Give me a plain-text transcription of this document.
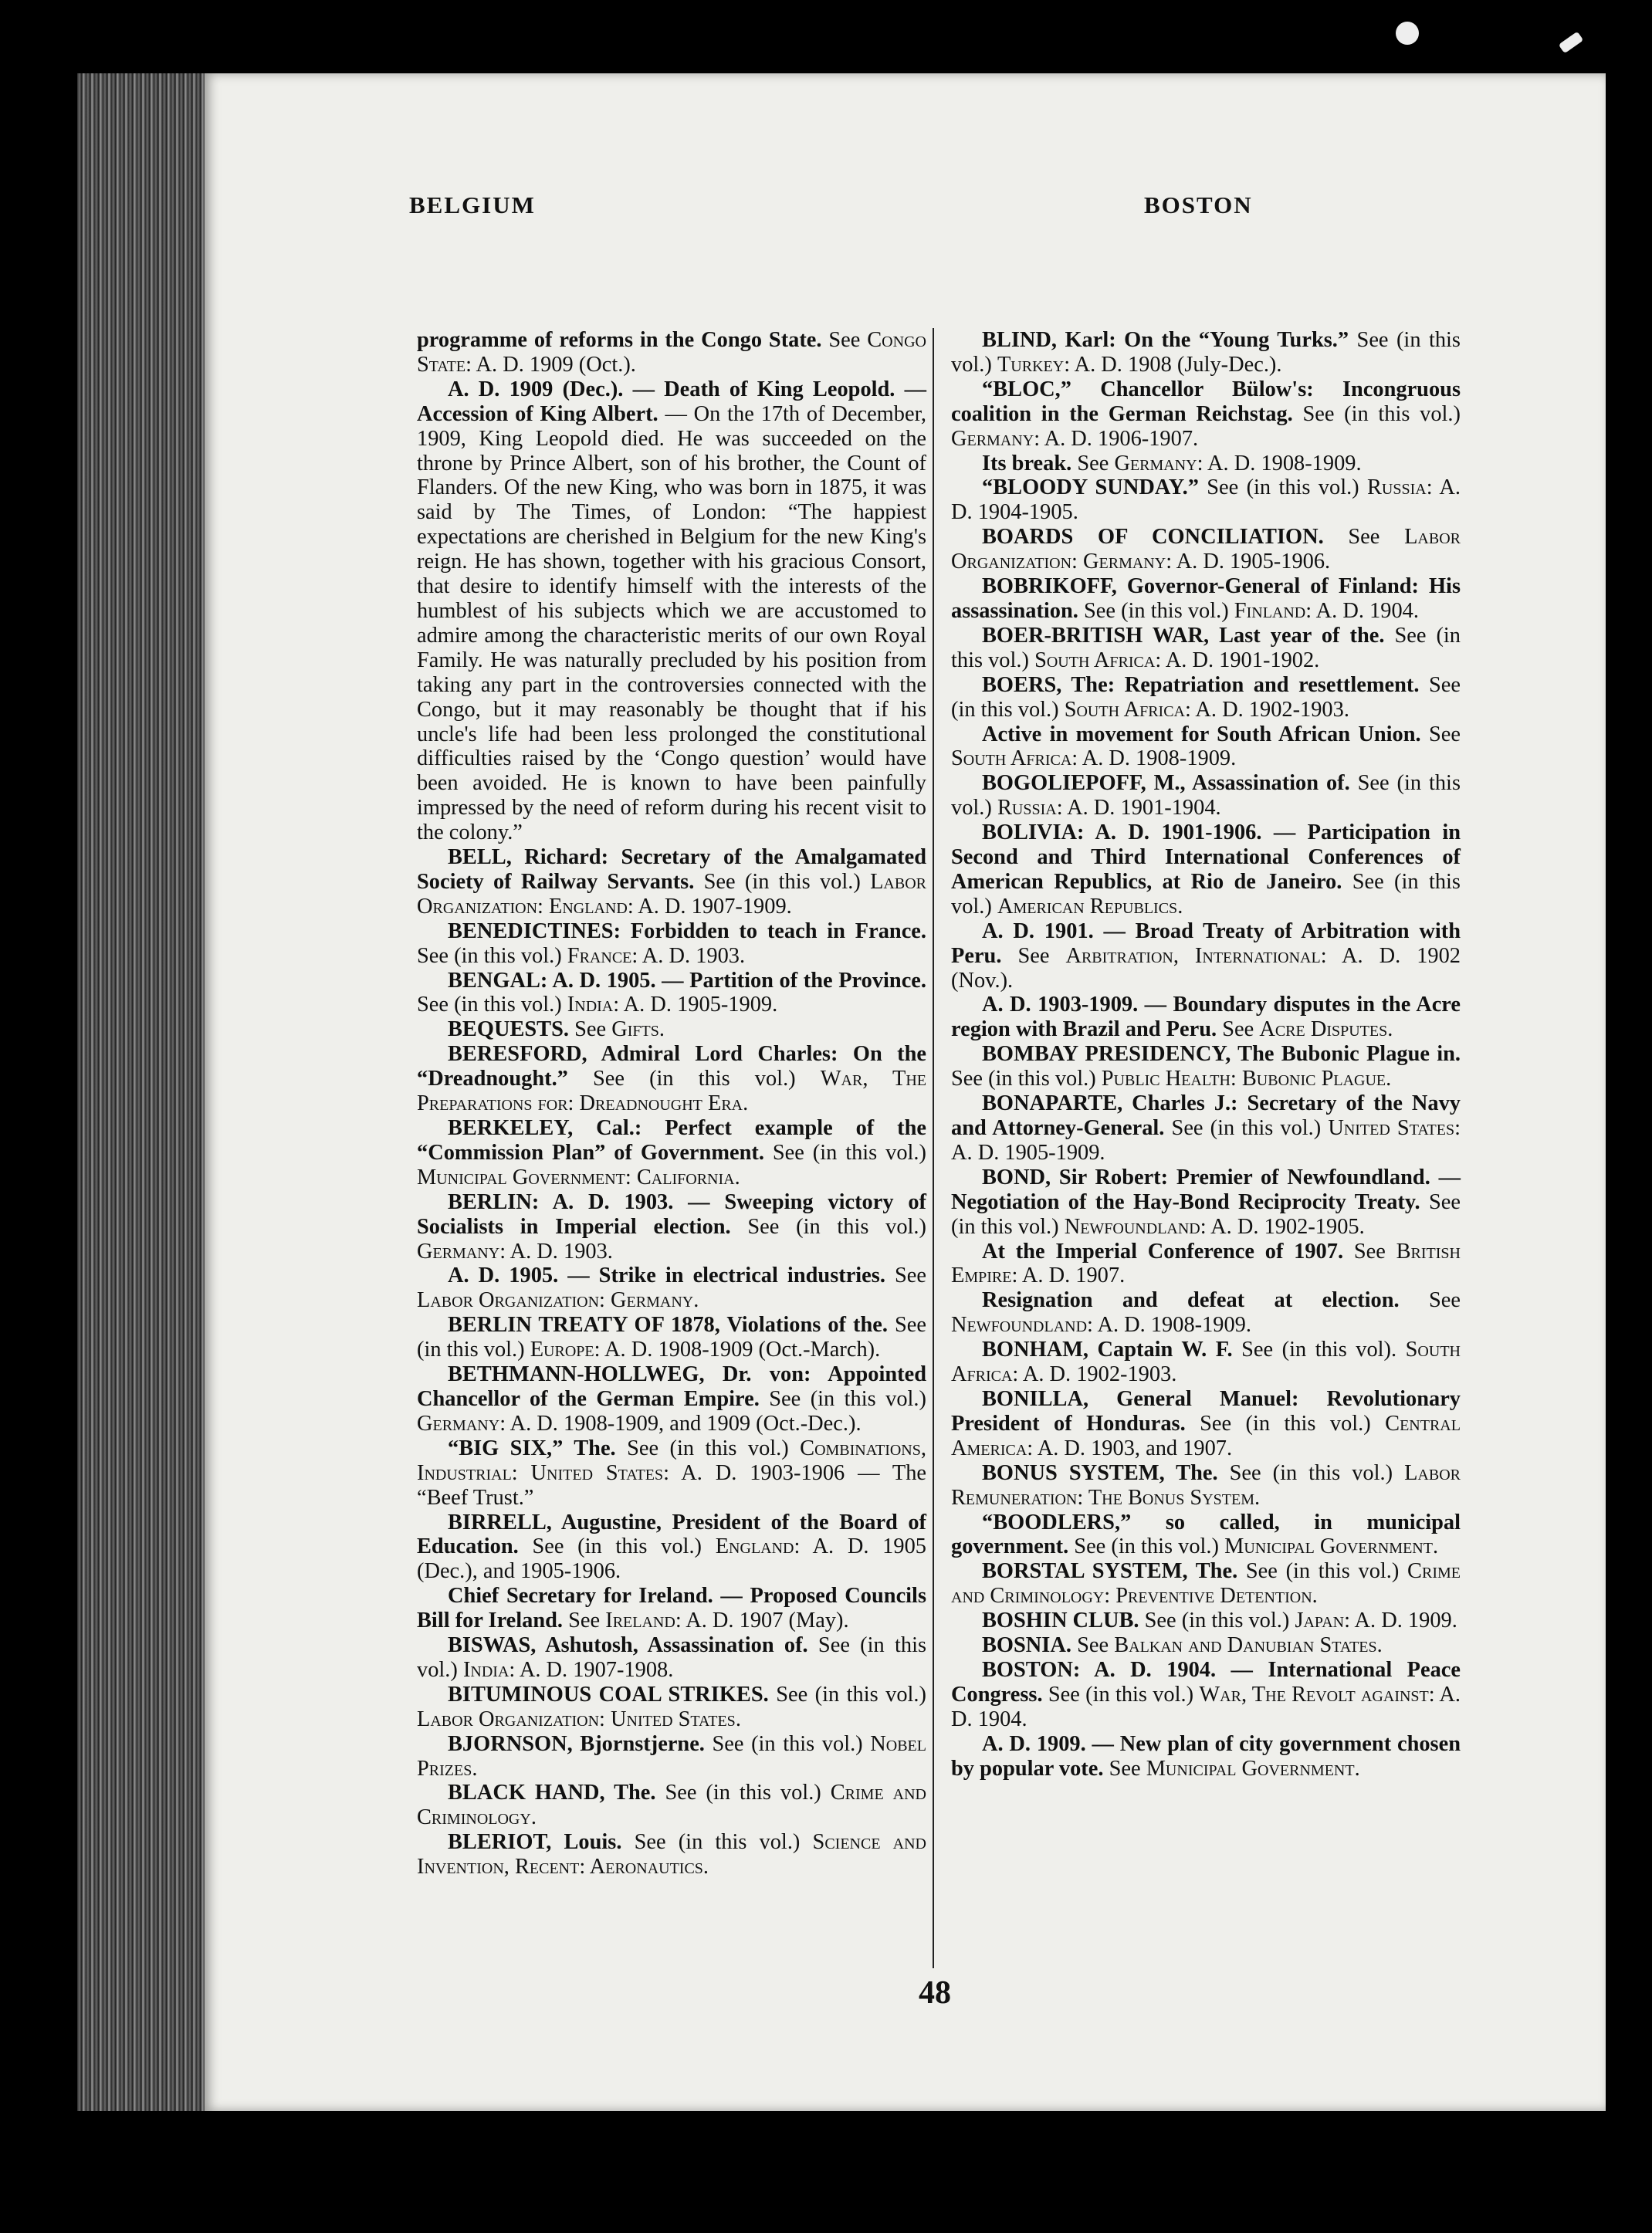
BELGIUM	BOSTON

programme of reforms in the Congo State. See Congo State: A. D. 1909 (Oct.).

A. D. 1909 (Dec.). — Death of King Leopold. — Accession of King Albert. — On the 17th of December, 1909, King Leopold died. He was succeeded on the throne by Prince Albert, son of his brother, the Count of Flanders. Of the new King, who was born in 1875, it was said by The Times, of London: “The happiest expectations are cherished in Belgium for the new King's reign. He has shown, together with his gracious Consort, that desire to identify himself with the interests of the humblest of his subjects which we are accustomed to admire among the characteristic merits of our own Royal Family. He was naturally precluded by his position from taking any part in the controversies connected with the Congo, but it may reasonably be thought that if his uncle's life had been less prolonged the constitutional difficulties raised by the ‘Congo question’ would have been avoided. He is known to have been painfully impressed by the need of reform during his recent visit to the colony.”

BELL, Richard: Secretary of the Amalgamated Society of Railway Servants. See (in this vol.) Labor Organization: England: A. D. 1907-1909.

BENEDICTINES: Forbidden to teach in France. See (in this vol.) France: A. D. 1903.

BENGAL: A. D. 1905. — Partition of the Province. See (in this vol.) India: A. D. 1905-1909.

BEQUESTS. See Gifts.

BERESFORD, Admiral Lord Charles: On the “Dreadnought.” See (in this vol.) War, The Preparations for: Dreadnought Era.

BERKELEY, Cal.: Perfect example of the “Commission Plan” of Government. See (in this vol.) Municipal Government: California.

BERLIN: A. D. 1903. — Sweeping victory of Socialists in Imperial election. See (in this vol.) Germany: A. D. 1903.

A. D. 1905. — Strike in electrical industries. See Labor Organization: Germany.

BERLIN TREATY OF 1878, Violations of the. See (in this vol.) Europe: A. D. 1908-1909 (Oct.-March).

BETHMANN-HOLLWEG, Dr. von: Appointed Chancellor of the German Empire. See (in this vol.) Germany: A. D. 1908-1909, and 1909 (Oct.-Dec.).

“BIG SIX,” The. See (in this vol.) Combinations, Industrial: United States: A. D. 1903-1906 — The “Beef Trust.”

BIRRELL, Augustine, President of the Board of Education. See (in this vol.) England: A. D. 1905 (Dec.), and 1905-1906.

Chief Secretary for Ireland. — Proposed Councils Bill for Ireland. See Ireland: A. D. 1907 (May).

BISWAS, Ashutosh, Assassination of. See (in this vol.) India: A. D. 1907-1908.

BITUMINOUS COAL STRIKES. See (in this vol.) Labor Organization: United States.

BJORNSON, Bjornstjerne. See (in this vol.) Nobel Prizes.

BLACK HAND, The. See (in this vol.) Crime and Criminology.

BLERIOT, Louis. See (in this vol.) Science and Invention, Recent: Aeronautics.

BLIND, Karl: On the “Young Turks.” See (in this vol.) Turkey: A. D. 1908 (July-Dec.).

“BLOC,” Chancellor Bülow's: Incongruous coalition in the German Reichstag. See (in this vol.) Germany: A. D. 1906-1907.

Its break. See Germany: A. D. 1908-1909.

“BLOODY SUNDAY.” See (in this vol.) Russia: A. D. 1904-1905.

BOARDS OF CONCILIATION. See Labor Organization: Germany: A. D. 1905-1906.

BOBRIKOFF, Governor-General of Finland: His assassination. See (in this vol.) Finland: A. D. 1904.

BOER-BRITISH WAR, Last year of the. See (in this vol.) South Africa: A. D. 1901-1902.

BOERS, The: Repatriation and resettlement. See (in this vol.) South Africa: A. D. 1902-1903.

Active in movement for South African Union. See South Africa: A. D. 1908-1909.

BOGOLIEPOFF, M., Assassination of. See (in this vol.) Russia: A. D. 1901-1904.

BOLIVIA: A. D. 1901-1906. — Participation in Second and Third International Conferences of American Republics, at Rio de Janeiro. See (in this vol.) American Republics.

A. D. 1901. — Broad Treaty of Arbitration with Peru. See Arbitration, International: A. D. 1902 (Nov.).

A. D. 1903-1909. — Boundary disputes in the Acre region with Brazil and Peru. See Acre Disputes.

BOMBAY PRESIDENCY, The Bubonic Plague in. See (in this vol.) Public Health: Bubonic Plague.

BONAPARTE, Charles J.: Secretary of the Navy and Attorney-General. See (in this vol.) United States: A. D. 1905-1909.

BOND, Sir Robert: Premier of Newfoundland. — Negotiation of the Hay-Bond Reciprocity Treaty. See (in this vol.) Newfoundland: A. D. 1902-1905.

At the Imperial Conference of 1907. See British Empire: A. D. 1907.

Resignation and defeat at election. See Newfoundland: A. D. 1908-1909.

BONHAM, Captain W. F. See (in this vol). South Africa: A. D. 1902-1903.

BONILLA, General Manuel: Revolutionary President of Honduras. See (in this vol.) Central America: A. D. 1903, and 1907.

BONUS SYSTEM, The. See (in this vol.) Labor Remuneration: The Bonus System.

“BOODLERS,” so called, in municipal government. See (in this vol.) Municipal Government.

BORSTAL SYSTEM, The. See (in this vol.) Crime and Criminology: Preventive Detention.

BOSHIN CLUB. See (in this vol.) Japan: A. D. 1909.

BOSNIA. See Balkan and Danubian States.

BOSTON: A. D. 1904. — International Peace Congress. See (in this vol.) War, The Revolt against: A. D. 1904.

A. D. 1909. — New plan of city government chosen by popular vote. See Municipal Government.

48
